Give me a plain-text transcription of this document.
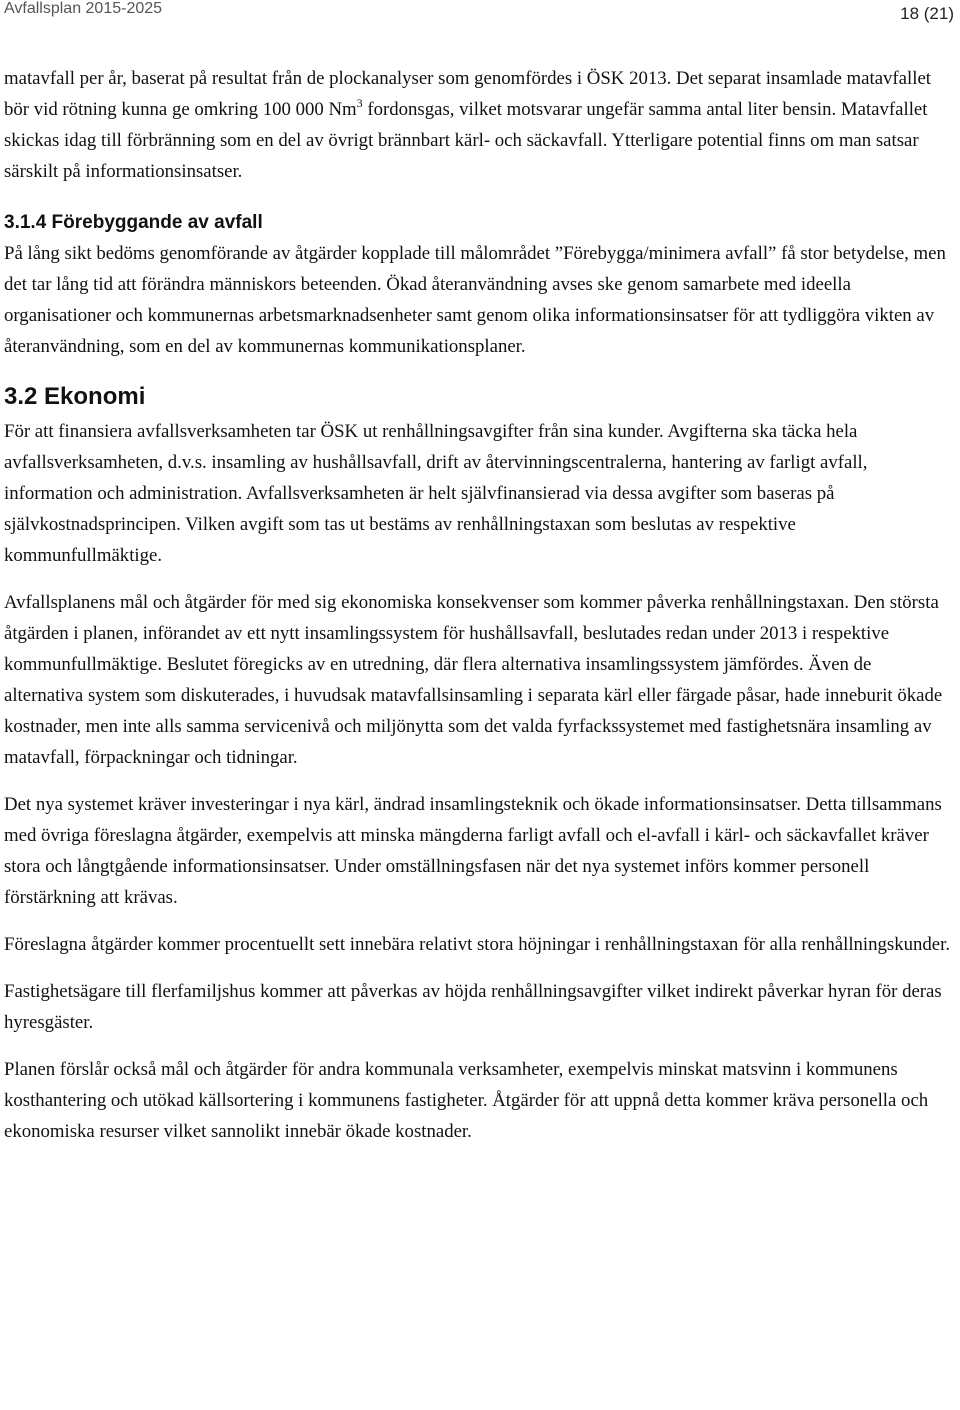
Avfallsplan 2015-2025	18 (21)

matavfall per år, baserat på resultat från de plockanalyser som genomfördes i ÖSK 2013. Det separat insamlade matavfallet bör vid rötning kunna ge omkring 100 000 Nm$^3$ fordonsgas, vilket motsvarar ungefär samma antal liter bensin. Matavfallet skickas idag till förbränning som en del av övrigt brännbart kärl- och säckavfall. Ytterligare potential finns om man satsar särskilt på informationsinsatser.

3.1.4 Förebyggande av avfall

På lång sikt bedöms genomförande av åtgärder kopplade till målområdet ”Förebygga/minimera avfall” få stor betydelse, men det tar lång tid att förändra människors beteenden. Ökad återanvändning avses ske genom samarbete med ideella organisationer och kommunernas arbetsmarknadsenheter samt genom olika informationsinsatser för att tydliggöra vikten av återanvändning, som en del av kommunernas kommunikationsplaner.

3.2 Ekonomi

För att finansiera avfallsverksamheten tar ÖSK ut renhållningsavgifter från sina kunder. Avgifterna ska täcka hela avfallsverksamheten, d.v.s. insamling av hushållsavfall, drift av återvinningscentralerna, hantering av farligt avfall, information och administration. Avfallsverksamheten är helt självfinansierad via dessa avgifter som baseras på självkostnadsprincipen. Vilken avgift som tas ut bestäms av renhållningstaxan som beslutas av respektive kommunfullmäktige.

Avfallsplanens mål och åtgärder för med sig ekonomiska konsekvenser som kommer påverka renhållningstaxan. Den största åtgärden i planen, införandet av ett nytt insamlingssystem för hushållsavfall, beslutades redan under 2013 i respektive kommunfullmäktige. Beslutet föregicks av en utredning, där flera alternativa insamlingssystem jämfördes. Även de alternativa system som diskuterades, i huvudsak matavfallsinsamling i separata kärl eller färgade påsar, hade inneburit ökade kostnader, men inte alls samma servicenivå och miljönytta som det valda fyrfackssystemet med fastighetsnära insamling av matavfall, förpackningar och tidningar.

Det nya systemet kräver investeringar i nya kärl, ändrad insamlingsteknik och ökade informationsinsatser. Detta tillsammans med övriga föreslagna åtgärder, exempelvis att minska mängderna farligt avfall och el-avfall i kärl- och säckavfallet kräver stora och långtgående informationsinsatser. Under omställningsfasen när det nya systemet införs kommer personell förstärkning att krävas.

Föreslagna åtgärder kommer procentuellt sett innebära relativt stora höjningar i renhållningstaxan för alla renhållningskunder.

Fastighetsägare till flerfamiljshus kommer att påverkas av höjda renhållningsavgifter vilket indirekt påverkar hyran för deras hyresgäster.

Planen förslår också mål och åtgärder för andra kommunala verksamheter, exempelvis minskat matsvinn i kommunens kosthantering och utökad källsortering i kommunens fastigheter. Åtgärder för att uppnå detta kommer kräva personella och ekonomiska resurser vilket sannolikt innebär ökade kostnader.
